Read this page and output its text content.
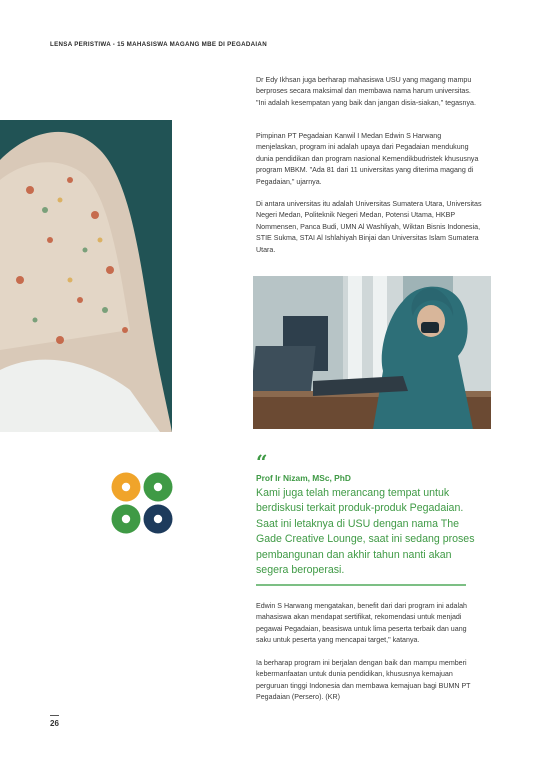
LENSA PERISTIWA - 15 MAHASISWA MAGANG MBE DI PEGADAIAN

Dr Edy Ikhsan juga berharap mahasiswa USU yang magang mampu berproses secara maksimal dan membawa nama harum universitas. "Ini adalah kesempatan yang baik dan jangan disia-siakan," tegasnya.

Pimpinan PT Pegadaian Kanwil I Medan Edwin S Harwang menjelaskan, program ini adalah upaya dari Pegadaian mendukung dunia pendidikan dan program nasional Kemendikbudristek khususnya program MBKM. "Ada 81 dari 11 universitas yang diterima magang di Pegadaian," ujarnya.

Di antara universitas itu adalah Universitas Sumatera Utara, Universitas Negeri Medan, Politeknik Negeri Medan, Potensi Utama, HKBP Nommensen, Panca Budi, UMN Al Washliyah, Wiktan Bisnis Indonesia, STIE Sukma, STAI Al Ishlahiyah Binjai dan Universitas Islam Sumatera Utara.

“
Prof Ir Nizam, MSc, PhD

Kami juga telah merancang tempat untuk berdiskusi terkait produk-produk Pegadaian. Saat ini letaknya di USU dengan nama The Gade Creative Lounge, saat ini sedang proses pembangunan dan akhir tahun nanti akan segera beroperasi.

Edwin S Harwang mengatakan, benefit dari dari program ini adalah mahasiswa akan mendapat sertifikat, rekomendasi untuk menjadi pegawai Pegadaian, beasiswa untuk lima peserta terbaik dan uang saku untuk peserta yang mencapai target," katanya.

Ia berharap program ini berjalan dengan baik dan mampu memberi kebermanfaatan untuk dunia pendidikan, khususnya kemajuan perguruan tinggi Indonesia dan membawa kemajuan bagi BUMN PT Pegadaian (Persero). (KR)

26
